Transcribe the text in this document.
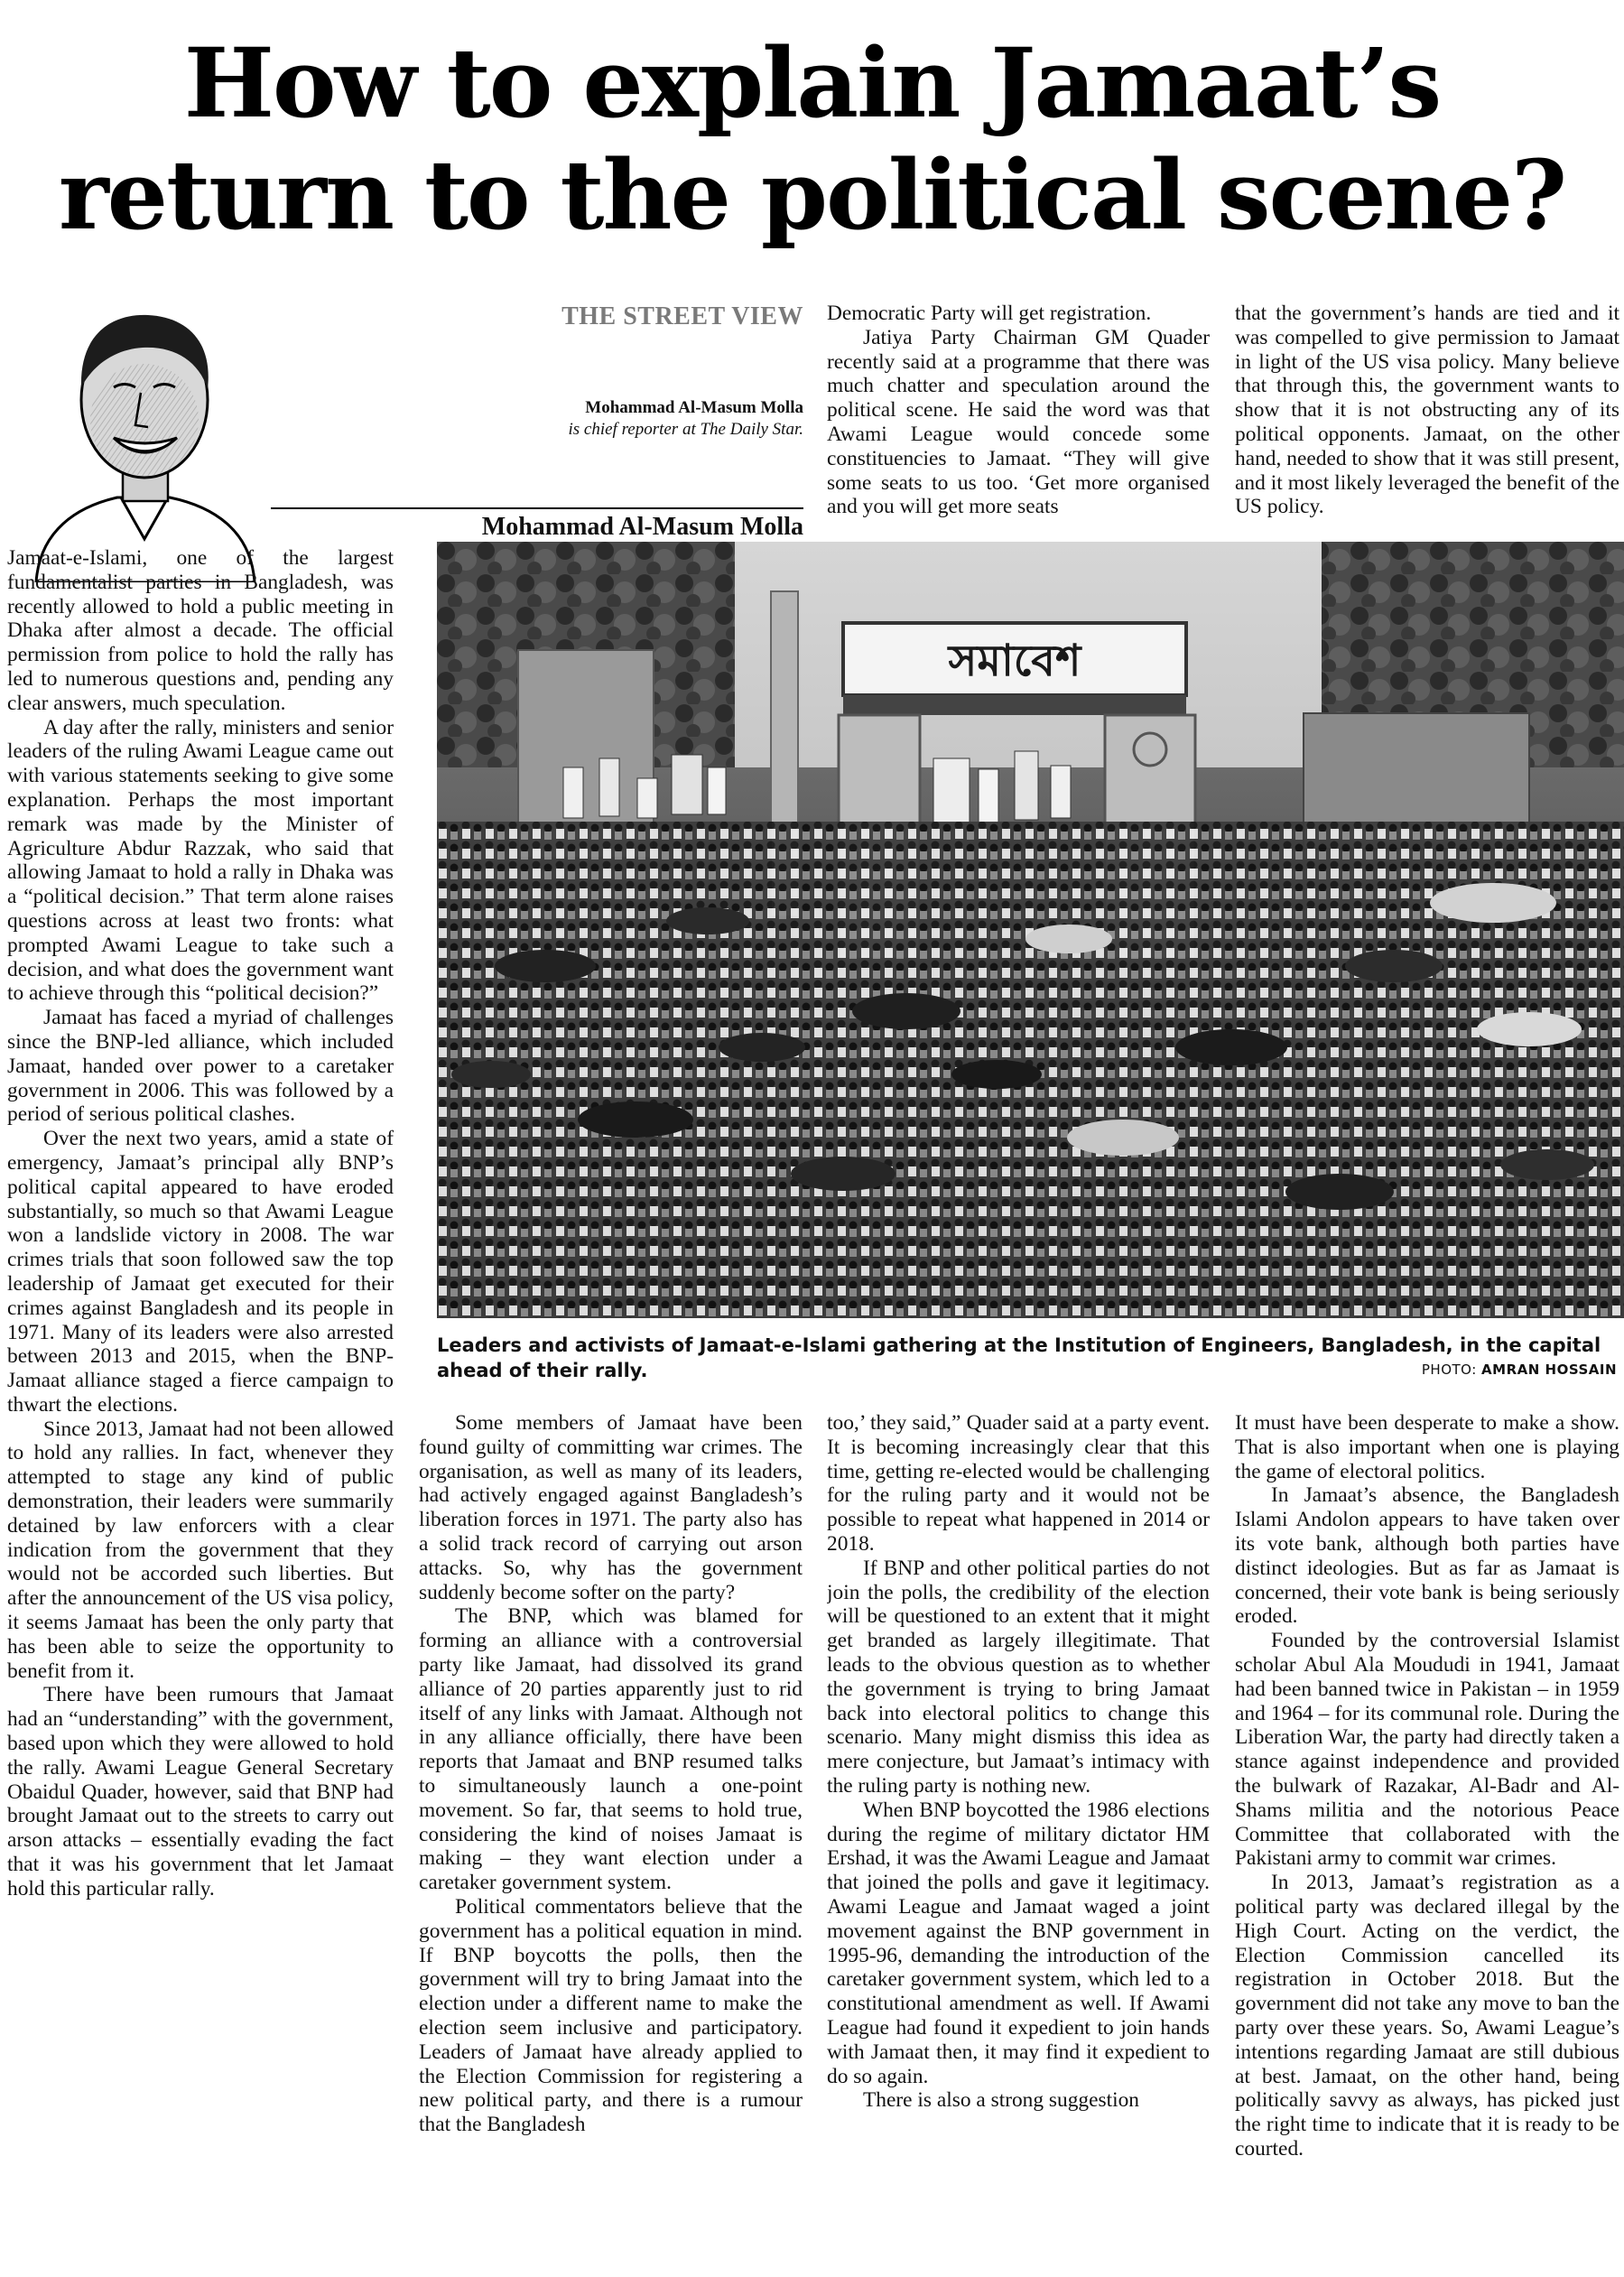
How to explain Jamaat’s
return to the political scene?
THE STREET VIEW
Mohammad Al-Masum Molla
is chief reporter at The Daily Star.
Mohammad Al-Masum Molla

Democratic Party will get registration.

Jatiya Party Chairman GM Quader recently said at a programme that there was much chatter and speculation around the political scene. He said the word was that Awami League would concede some constituencies to Jamaat. “They will give some seats to us too. ‘Get more organised and you will get more seats

that the government’s hands are tied and it was compelled to give permission to Jamaat in light of the US visa policy. Many believe that through this, the government wants to show that it is not obstructing any of its political opponents. Jamaat, on the other hand, needed to show that it was still present, and it most likely leveraged the benefit of the US policy.

সমাবেশ
Leaders and activists of Jamaat-e-Islami gathering at the Institution of Engineers, Bangladesh, in the capital ahead of their rally.	PHOTO: AMRAN HOSSAIN

Jamaat-e-Islami, one of the largest fundamentalist parties in Bangladesh, was recently allowed to hold a public meeting in Dhaka after almost a decade. The official permission from police to hold the rally has led to numerous questions and, pending any clear answers, much speculation.

A day after the rally, ministers and senior leaders of the ruling Awami League came out with various statements seeking to give some explanation. Perhaps the most important remark was made by the Minister of Agriculture Abdur Razzak, who said that allowing Jamaat to hold a rally in Dhaka was a “political decision.” That term alone raises questions across at least two fronts: what prompted Awami League to take such a decision, and what does the government want to achieve through this “political decision?”

Jamaat has faced a myriad of challenges since the BNP-led alliance, which included Jamaat, handed over power to a caretaker government in 2006. This was followed by a period of serious political clashes.

Over the next two years, amid a state of emergency, Jamaat’s principal ally BNP’s political capital appeared to have eroded substantially, so much so that Awami League won a landslide victory in 2008. The war crimes trials that soon followed saw the top leadership of Jamaat get executed for their crimes against Bangladesh and its people in 1971. Many of its leaders were also arrested between 2013 and 2015, when the BNP-Jamaat alliance staged a fierce campaign to thwart the elections.

Since 2013, Jamaat had not been allowed to hold any rallies. In fact, whenever they attempted to stage any kind of public demonstration, their leaders were summarily detained by law enforcers with a clear indication from the government that they would not be accorded such liberties. But after the announcement of the US visa policy, it seems Jamaat has been the only party that has been able to seize the opportunity to benefit from it.

There have been rumours that Jamaat had an “understanding” with the government, based upon which they were allowed to hold the rally. Awami League General Secretary Obaidul Quader, however, said that BNP had brought Jamaat out to the streets to carry out arson attacks – essentially evading the fact that it was his government that let Jamaat hold this particular rally.

Some members of Jamaat have been found guilty of committing war crimes. The organisation, as well as many of its leaders, had actively engaged against Bangladesh’s liberation forces in 1971. The party also has a solid track record of carrying out arson attacks. So, why has the government suddenly become softer on the party?

The BNP, which was blamed for forming an alliance with a controversial party like Jamaat, had dissolved its grand alliance of 20 parties apparently just to rid itself of any links with Jamaat. Although not in any alliance officially, there have been reports that Jamaat and BNP resumed talks to simultaneously launch a one-point movement. So far, that seems to hold true, considering the kind of noises Jamaat is making – they want election under a caretaker government system.

Political commentators believe that the government has a political equation in mind. If BNP boycotts the polls, then the government will try to bring Jamaat into the election under a different name to make the election seem inclusive and participatory. Leaders of Jamaat have already applied to the Election Commission for registering a new political party, and there is a rumour that the Bangladesh

too,’ they said,” Quader said at a party event. It is becoming increasingly clear that this time, getting re-elected would be challenging for the ruling party and it would not be possible to repeat what happened in 2014 or 2018.

If BNP and other political parties do not join the polls, the credibility of the election will be questioned to an extent that it might get branded as largely illegitimate. That leads to the obvious question as to whether the government is trying to bring Jamaat back into electoral politics to change this scenario. Many might dismiss this idea as mere conjecture, but Jamaat’s intimacy with the ruling party is nothing new.

When BNP boycotted the 1986 elections during the regime of military dictator HM Ershad, it was the Awami League and Jamaat that joined the polls and gave it legitimacy. Awami League and Jamaat waged a joint movement against the BNP government in 1995-96, demanding the introduction of the caretaker government system, which led to a constitutional amendment as well. If Awami League had found it expedient to join hands with Jamaat then, it may find it expedient to do so again.

There is also a strong suggestion

It must have been desperate to make a show. That is also important when one is playing the game of electoral politics.

In Jamaat’s absence, the Bangladesh Islami Andolon appears to have taken over its vote bank, although both parties have distinct ideologies. But as far as Jamaat is concerned, their vote bank is being seriously eroded.

Founded by the controversial Islamist scholar Abul Ala Moududi in 1941, Jamaat had been banned twice in Pakistan – in 1959 and 1964 – for its communal role. During the Liberation War, the party had directly taken a stance against independence and provided the bulwark of Razakar, Al-Badr and Al-Shams militia and the notorious Peace Committee that collaborated with the Pakistani army to commit war crimes.

In 2013, Jamaat’s registration as a political party was declared illegal by the High Court. Acting on the verdict, the Election Commission cancelled its registration in October 2018. But the government did not take any move to ban the party over these years. So, Awami League’s intentions regarding Jamaat are still dubious at best. Jamaat, on the other hand, being politically savvy as always, has picked just the right time to indicate that it is ready to be courted.
